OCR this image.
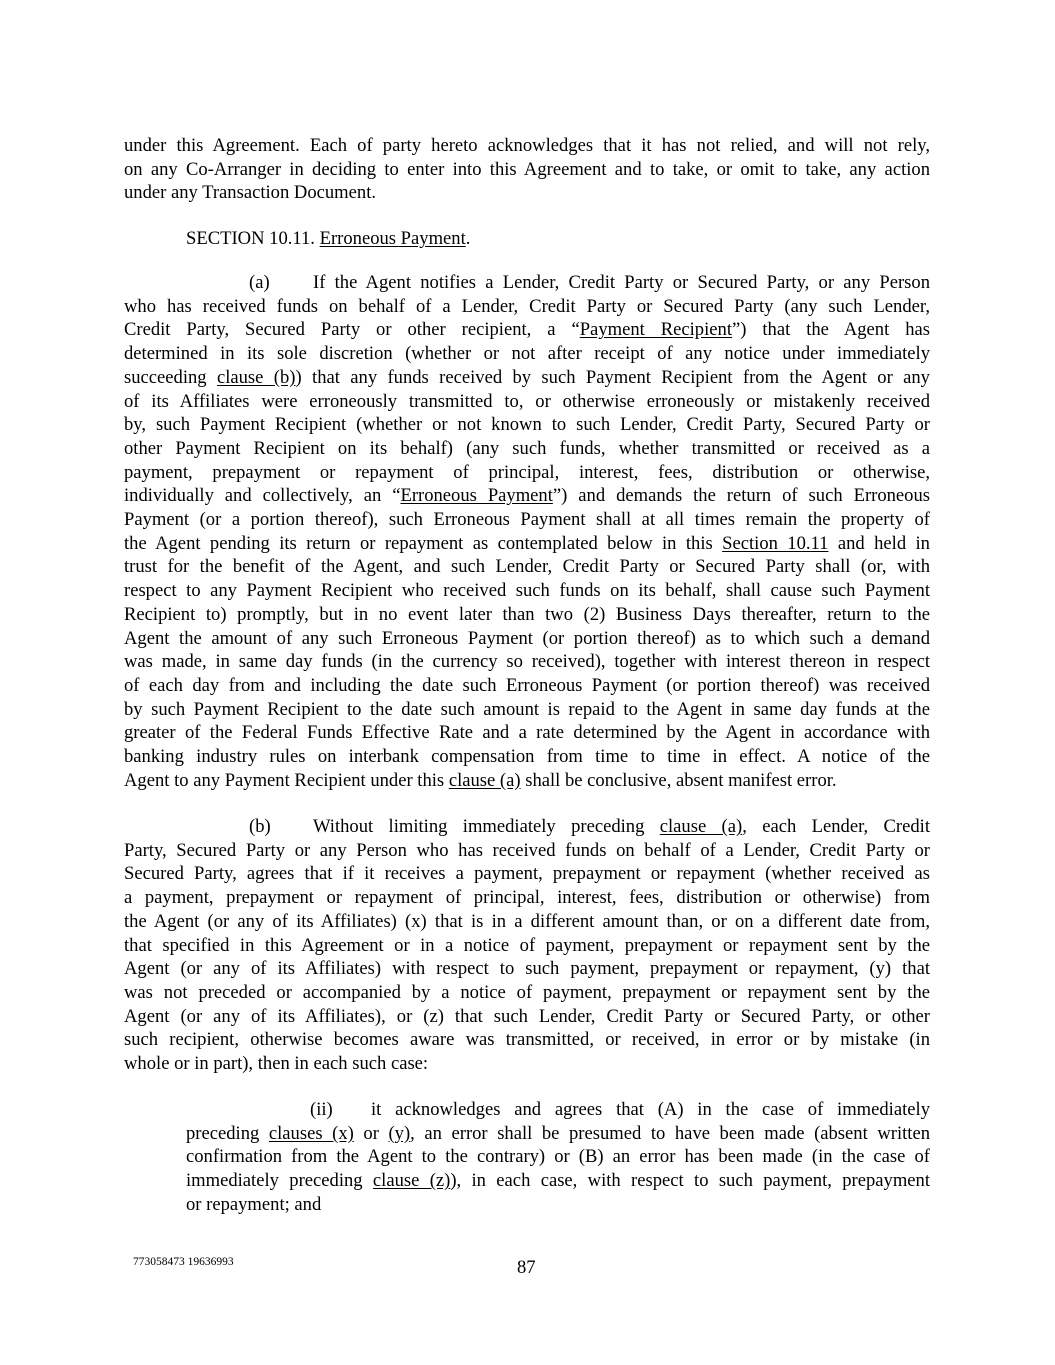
under this Agreement. Each of party hereto acknowledges that it has not relied, and will not rely,
on any Co-Arranger in deciding to enter into this Agreement and to take, or omit to take, any action
under any Transaction Document.
SECTION 10.11. Erroneous Payment.
(a) If the Agent notifies a Lender, Credit Party or Secured Party, or any Person
who has received funds on behalf of a Lender, Credit Party or Secured Party (any such Lender,
Credit Party, Secured Party or other recipient, a “Payment Recipient”) that the Agent has
determined in its sole discretion (whether or not after receipt of any notice under immediately
succeeding clause (b)) that any funds received by such Payment Recipient from the Agent or any
of its Affiliates were erroneously transmitted to, or otherwise erroneously or mistakenly received
by, such Payment Recipient (whether or not known to such Lender, Credit Party, Secured Party or
other Payment Recipient on its behalf) (any such funds, whether transmitted or received as a
payment, prepayment or repayment of principal, interest, fees, distribution or otherwise,
individually and collectively, an “Erroneous Payment”) and demands the return of such Erroneous
Payment (or a portion thereof), such Erroneous Payment shall at all times remain the property of
the Agent pending its return or repayment as contemplated below in this Section 10.11 and held in
trust for the benefit of the Agent, and such Lender, Credit Party or Secured Party shall (or, with
respect to any Payment Recipient who received such funds on its behalf, shall cause such Payment
Recipient to) promptly, but in no event later than two (2) Business Days thereafter, return to the
Agent the amount of any such Erroneous Payment (or portion thereof) as to which such a demand
was made, in same day funds (in the currency so received), together with interest thereon in respect
of each day from and including the date such Erroneous Payment (or portion thereof) was received
by such Payment Recipient to the date such amount is repaid to the Agent in same day funds at the
greater of the Federal Funds Effective Rate and a rate determined by the Agent in accordance with
banking industry rules on interbank compensation from time to time in effect. A notice of the
Agent to any Payment Recipient under this clause (a) shall be conclusive, absent manifest error.
(b) Without limiting immediately preceding clause (a), each Lender, Credit
Party, Secured Party or any Person who has received funds on behalf of a Lender, Credit Party or
Secured Party, agrees that if it receives a payment, prepayment or repayment (whether received as
a payment, prepayment or repayment of principal, interest, fees, distribution or otherwise) from
the Agent (or any of its Affiliates) (x) that is in a different amount than, or on a different date from,
that specified in this Agreement or in a notice of payment, prepayment or repayment sent by the
Agent (or any of its Affiliates) with respect to such payment, prepayment or repayment, (y) that
was not preceded or accompanied by a notice of payment, prepayment or repayment sent by the
Agent (or any of its Affiliates), or (z) that such Lender, Credit Party or Secured Party, or other
such recipient, otherwise becomes aware was transmitted, or received, in error or by mistake (in
whole or in part), then in each such case:
(ii) it acknowledges and agrees that (A) in the case of immediately
preceding clauses (x) or (y), an error shall be presumed to have been made (absent written
confirmation from the Agent to the contrary) or (B) an error has been made (in the case of
immediately preceding clause (z)), in each case, with respect to such payment, prepayment
or repayment; and
773058473 19636993	87
